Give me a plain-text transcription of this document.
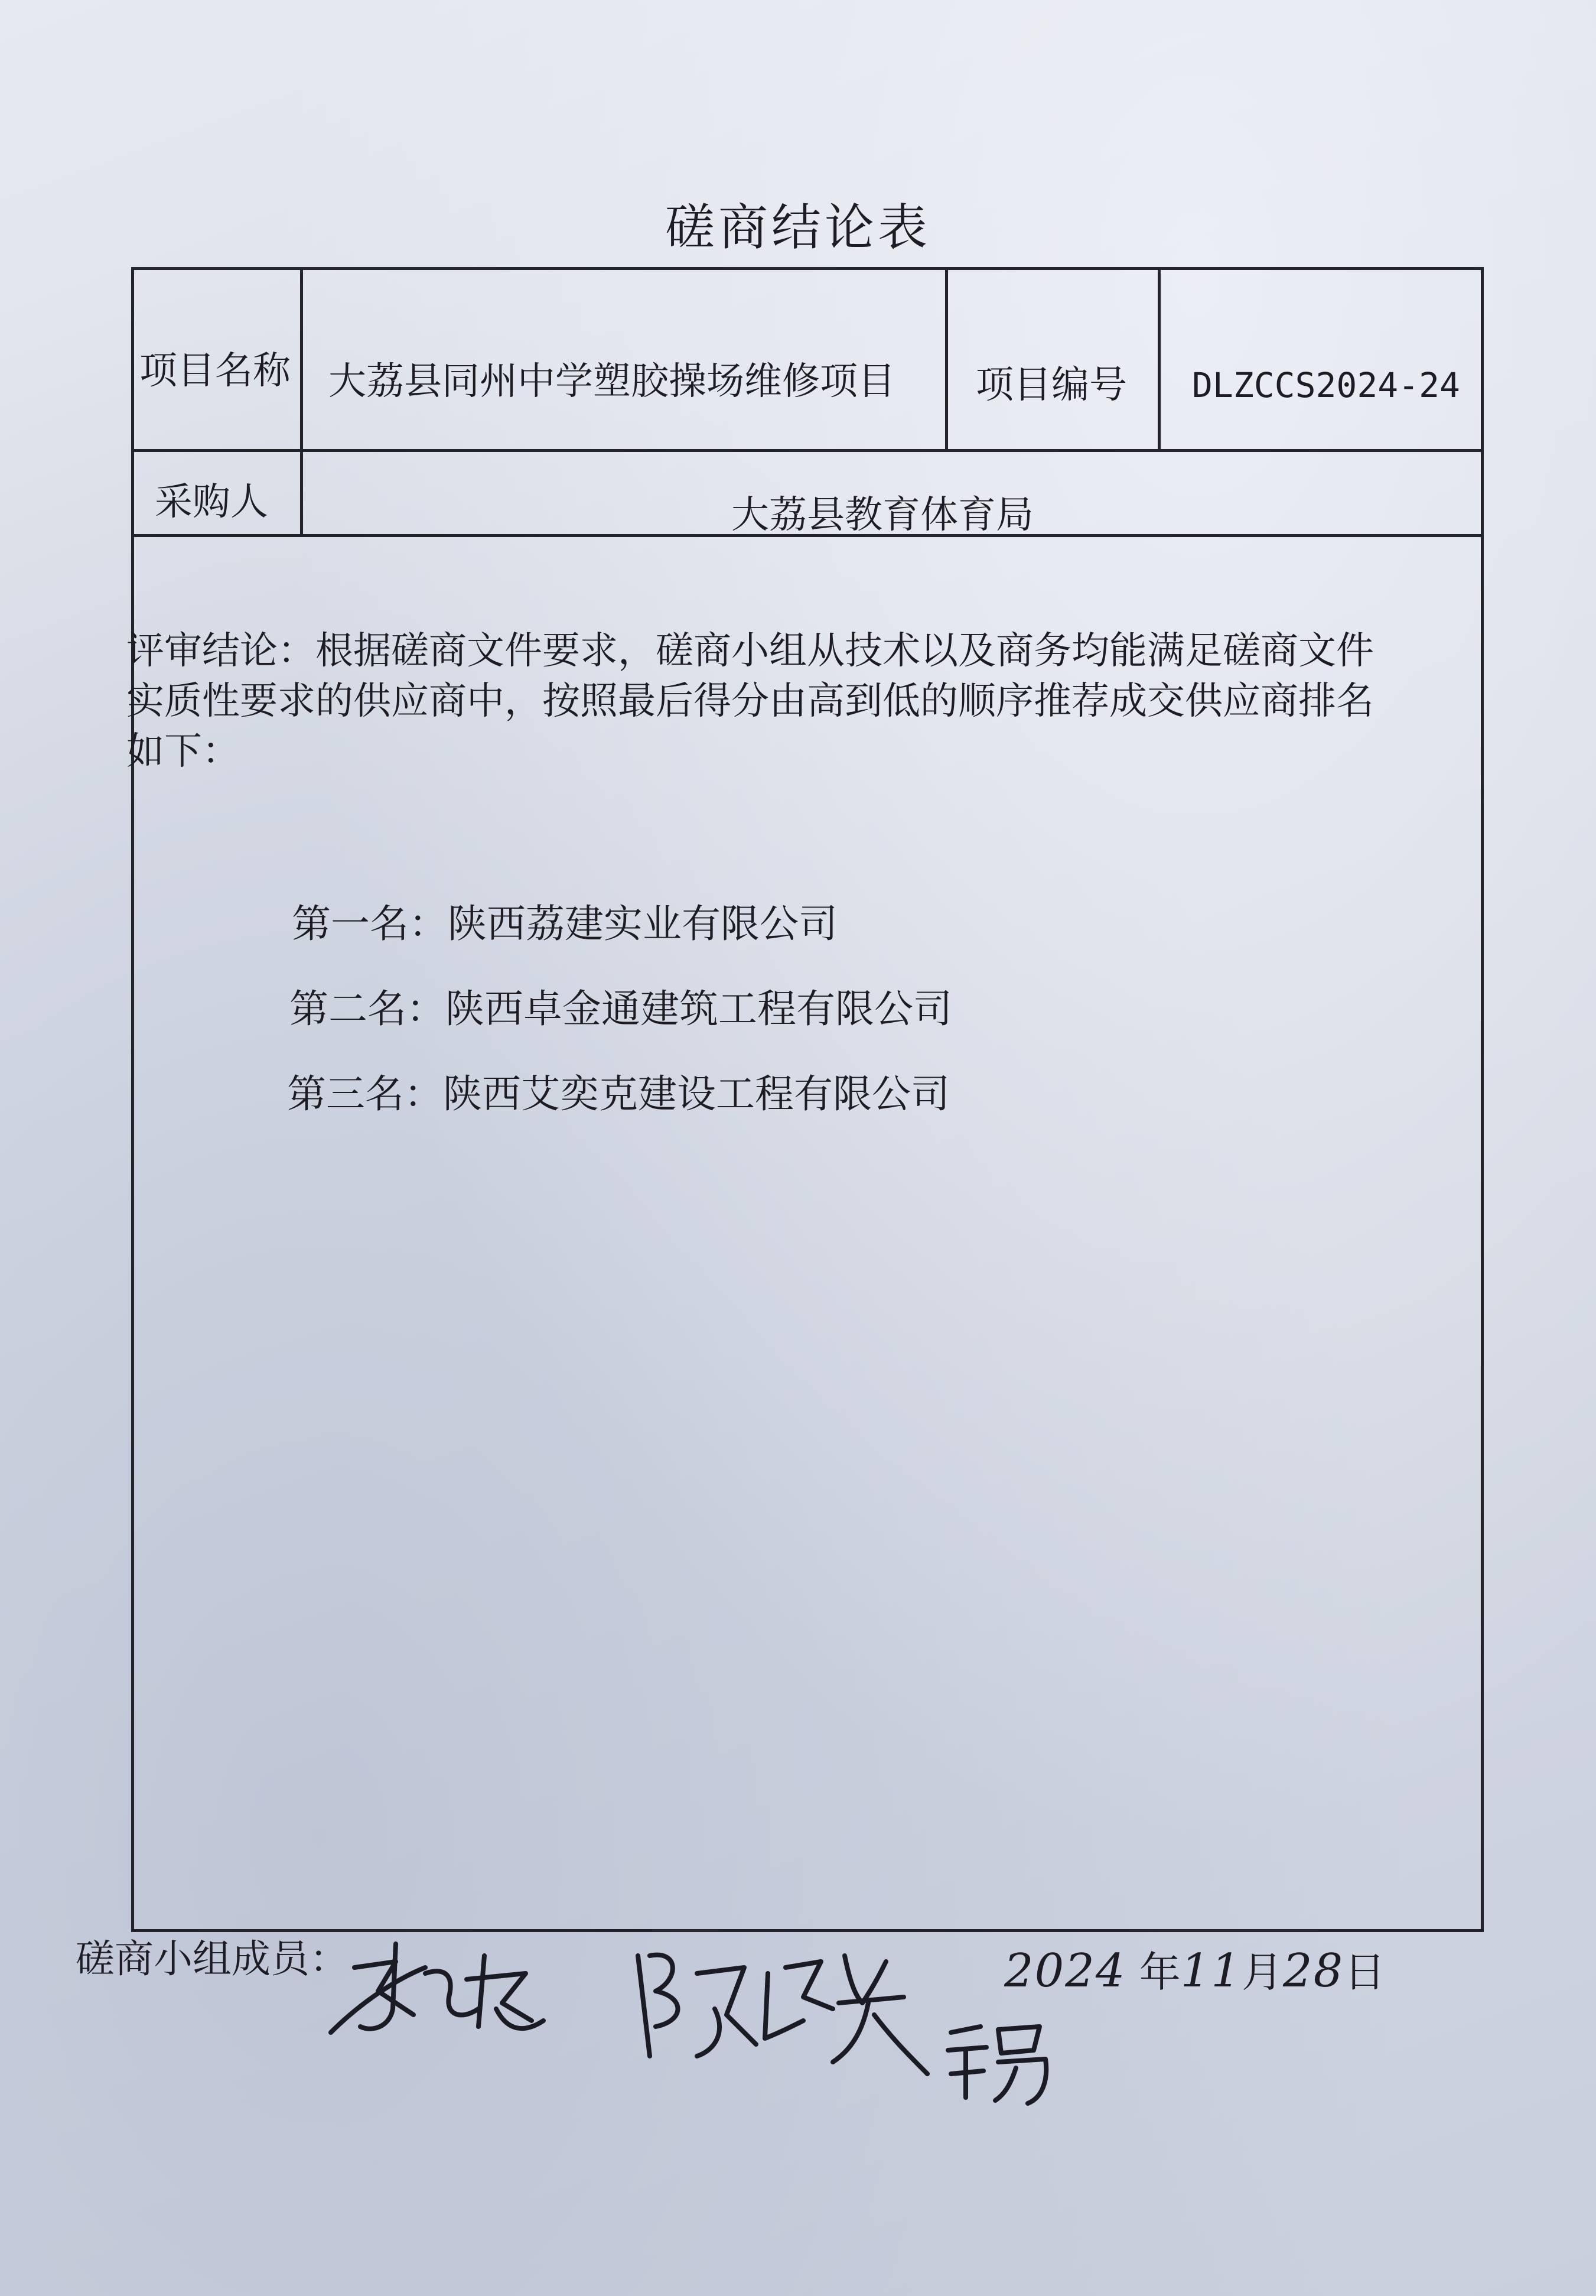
磋商结论表
项目名称 大荔县同州中学塑胶操场维修项目 项目编号 DLZCCS2024-24
采购人	大荔县教育体育局
评审结论：根据磋商文件要求，磋商小组从技术以及商务均能满足磋商文件
实质性要求的供应商中，按照最后得分由高到低的顺序推荐成交供应商排名
如下：
第一名：陕西荔建实业有限公司
第二名：陕西卓金通建筑工程有限公司
第三名：陕西艾奕克建设工程有限公司
磋商小组成员：	2024 年11月28日
